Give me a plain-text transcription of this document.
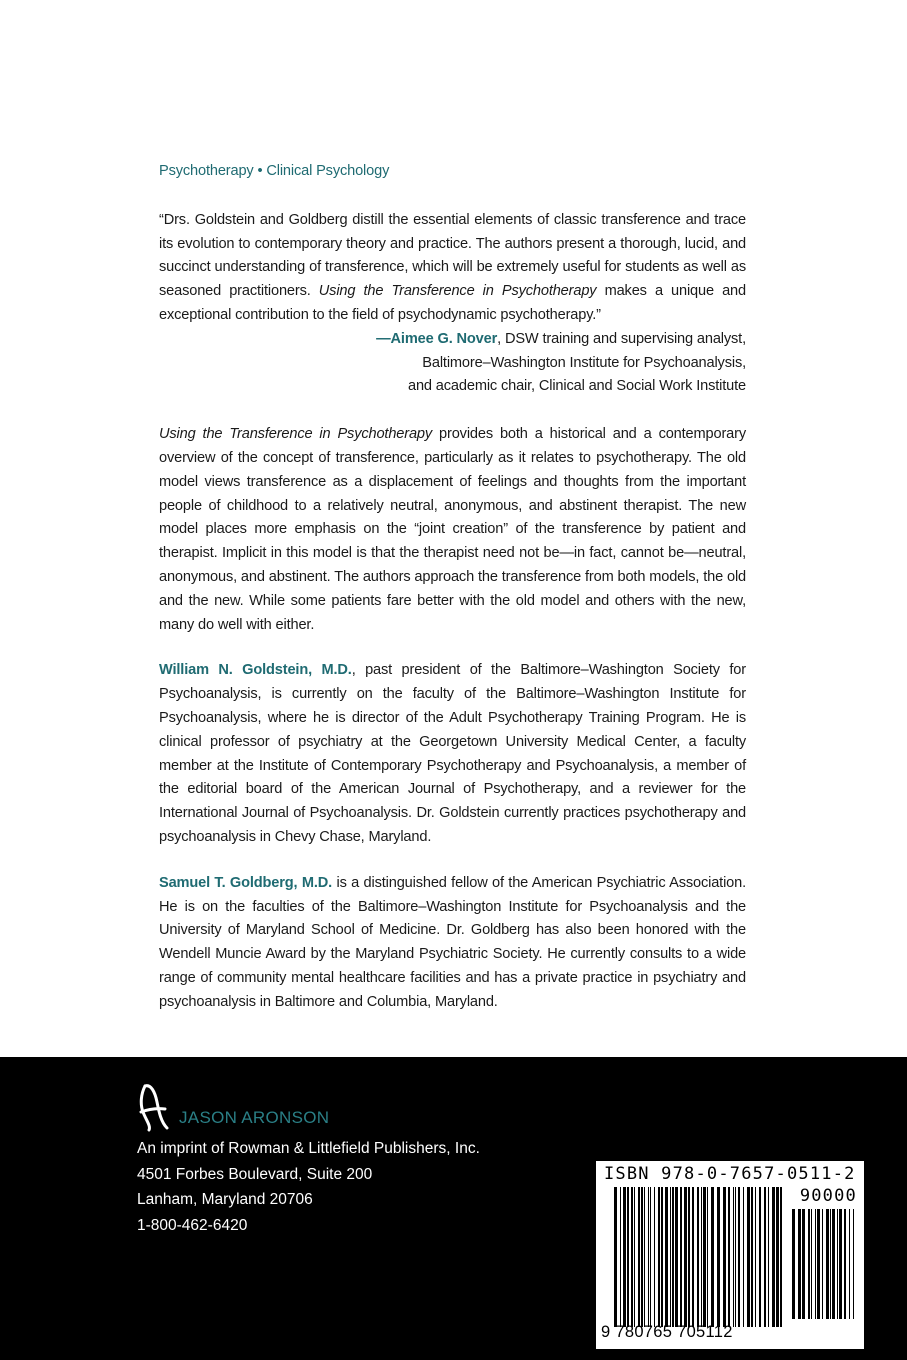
Psychotherapy • Clinical Psychology

“Drs. Goldstein and Goldberg distill the essential elements of classic transference and trace its evolution to contemporary theory and practice. The authors present a thorough, lucid, and succinct understanding of transference, which will be extremely useful for students as well as seasoned practitioners. Using the Transference in Psychotherapy makes a unique and exceptional contribution to the field of psychodynamic psychotherapy.”

—Aimee G. Nover, DSW training and supervising analyst,
Baltimore–Washington Institute for Psychoanalysis,
and academic chair, Clinical and Social Work Institute

Using the Transference in Psychotherapy provides both a historical and a contemporary overview of the concept of transference, particularly as it relates to psychotherapy. The old model views transference as a displacement of feelings and thoughts from the important people of childhood to a relatively neutral, anonymous, and abstinent therapist. The new model places more emphasis on the “joint creation” of the transference by patient and therapist. Implicit in this model is that the therapist need not be—in fact, cannot be—neutral, anonymous, and abstinent. The authors approach the transference from both models, the old and the new. While some patients fare better with the old model and others with the new, many do well with either.

William N. Goldstein, M.D., past president of the Baltimore–Washington Society for Psychoanalysis, is currently on the faculty of the Baltimore–Washington Institute for Psychoanalysis, where he is director of the Adult Psychotherapy Training Program. He is clinical professor of psychiatry at the Georgetown University Medical Center, a faculty member at the Institute of Contemporary Psychotherapy and Psychoanalysis, a member of the editorial board of the American Journal of Psychotherapy, and a reviewer for the International Journal of Psychoanalysis. Dr. Goldstein currently practices psychotherapy and psychoanalysis in Chevy Chase, Maryland.

Samuel T. Goldberg, M.D. is a distinguished fellow of the American Psychiatric Association. He is on the faculties of the Baltimore–Washington Institute for Psychoanalysis and the University of Maryland School of Medicine. Dr. Goldberg has also been honored with the Wendell Muncie Award by the Maryland Psychiatric Society. He currently consults to a wide range of community mental healthcare facilities and has a private practice in psychiatry and psychoanalysis in Baltimore and Columbia, Maryland.

JASON ARONSON
An imprint of Rowman & Littlefield Publishers, Inc.
4501 Forbes Boulevard, Suite 200
Lanham, Maryland 20706
1-800-462-6420
ISBN 978-0-7657-0511-2
90000
9 780765 705112
